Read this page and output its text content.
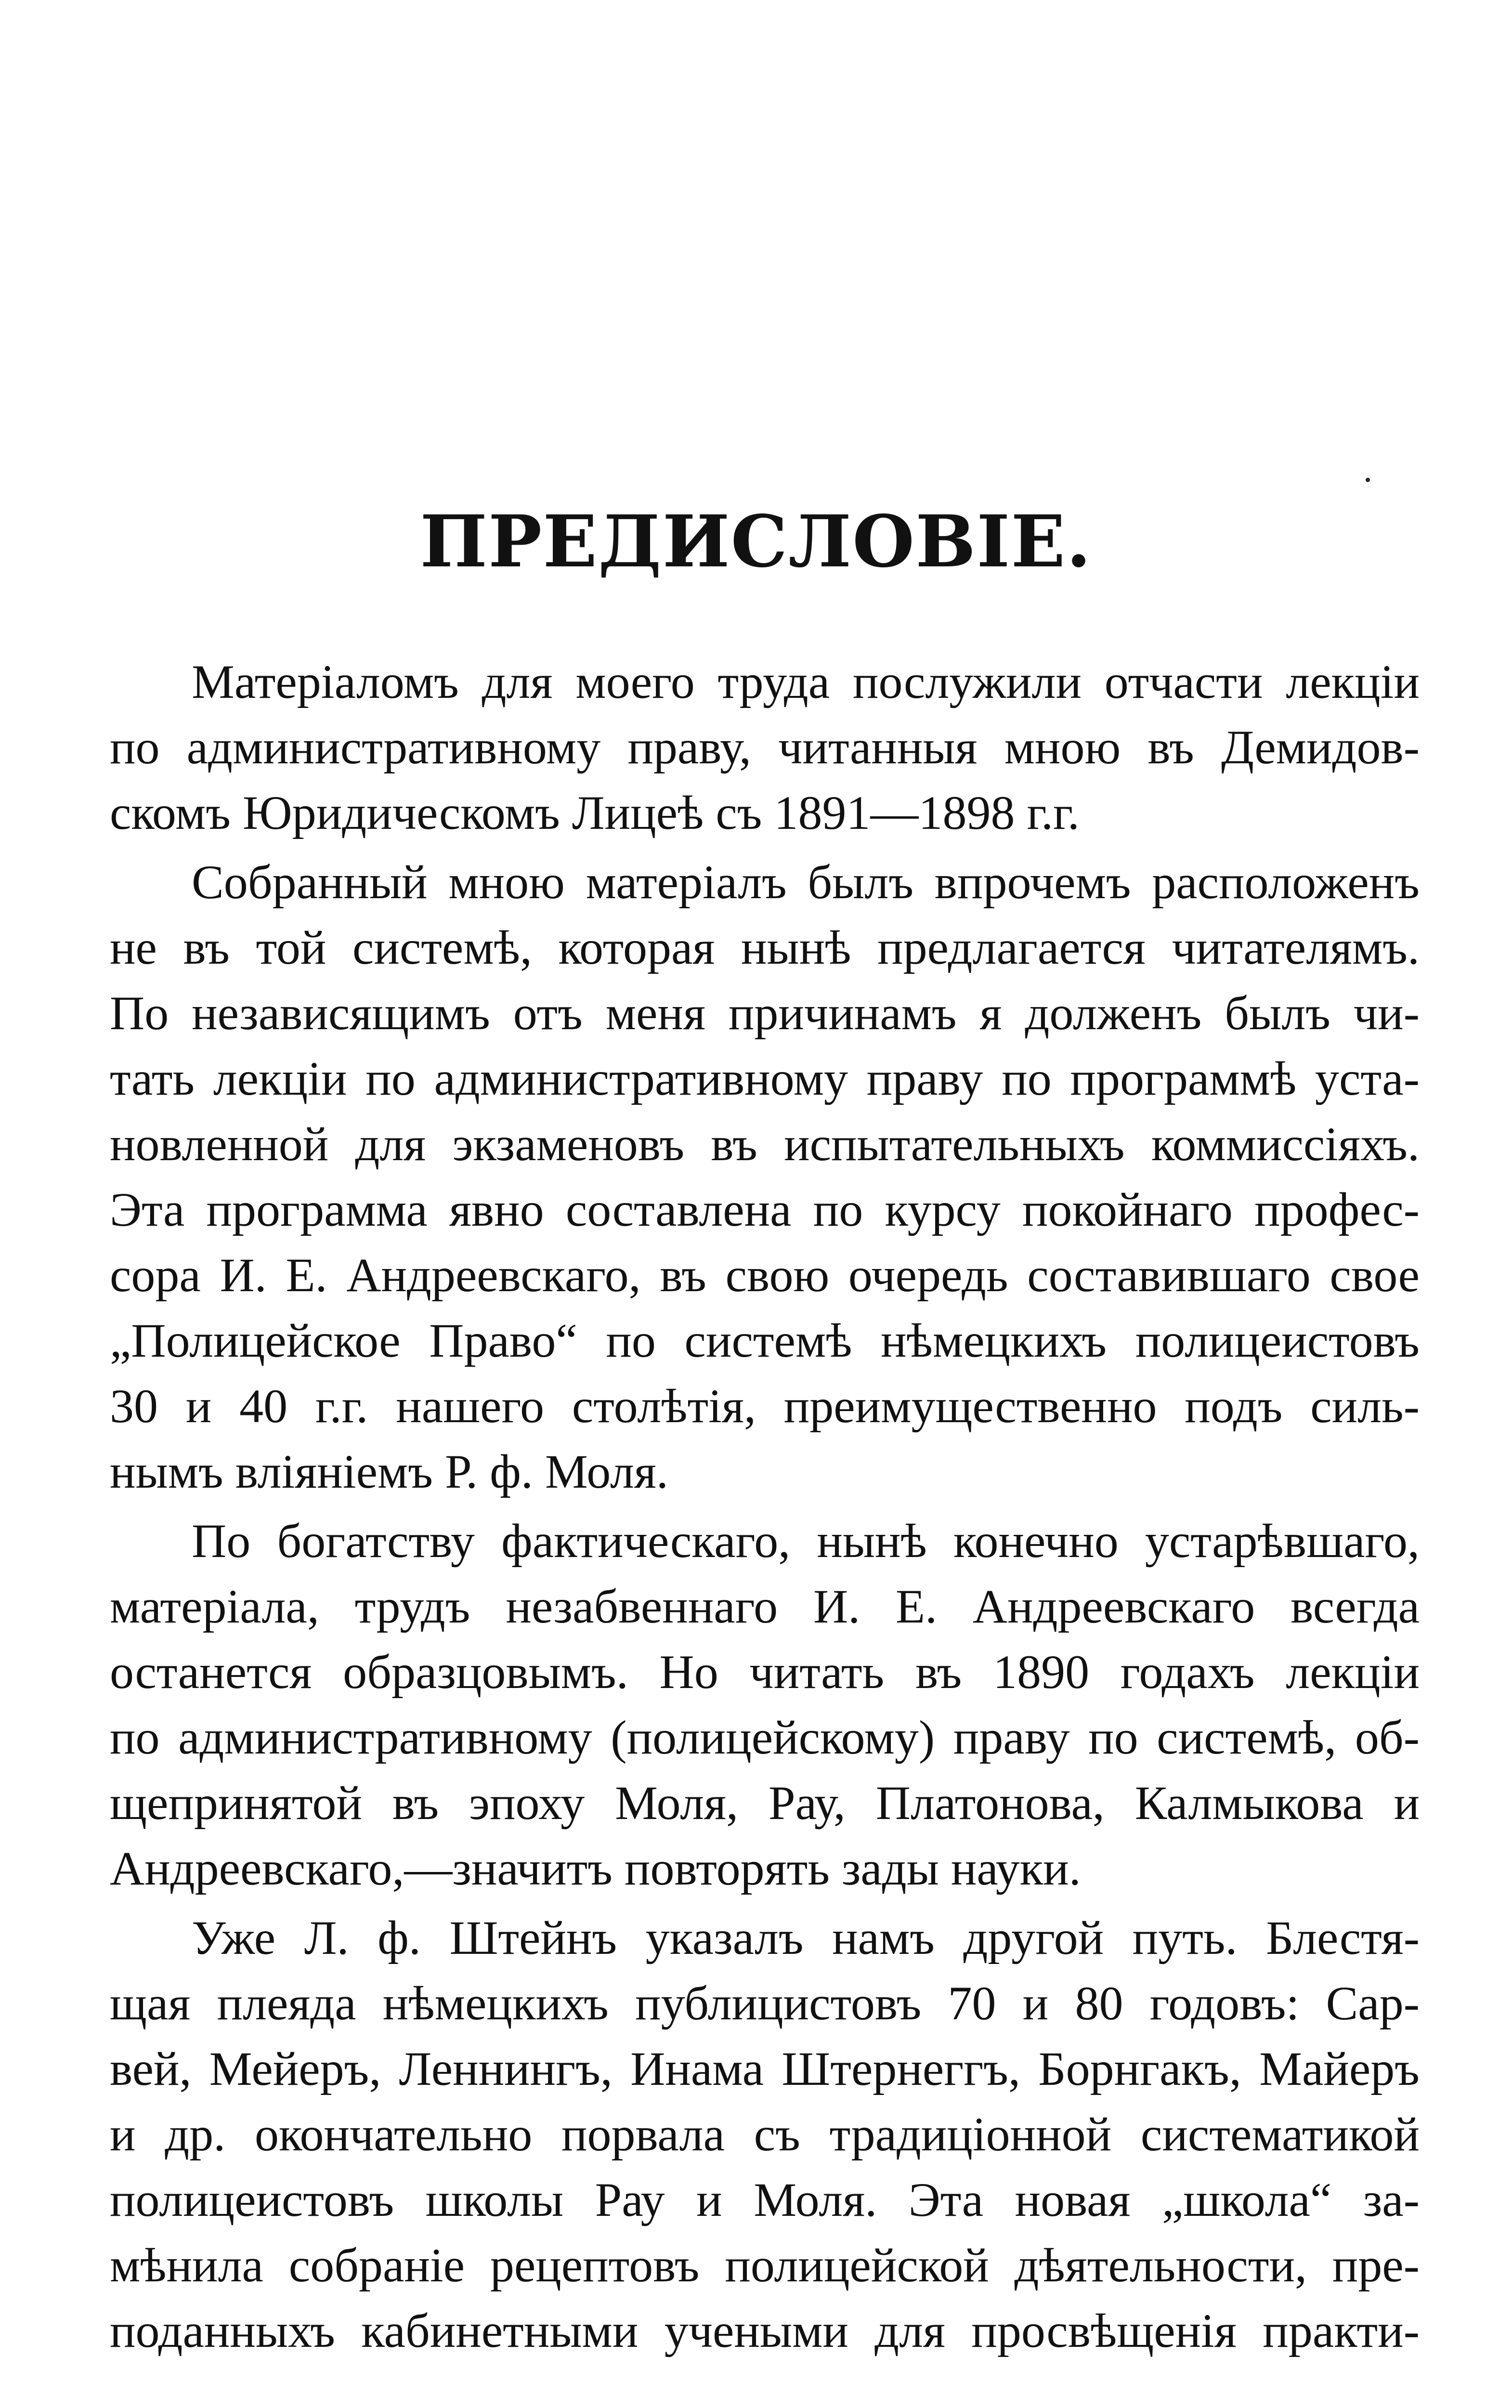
ПРЕДИСЛОВІЕ.
Матеріаломъ для моего труда послужили отчасти лекціи
по административному праву, читанныя мною въ Демидов-
скомъ Юридическомъ Лицеѣ съ 1891—1898 г.г.
Собранный мною матеріалъ былъ впрочемъ расположенъ
не въ той системѣ, которая нынѣ предлагается читателямъ.
По независящимъ отъ меня причинамъ я долженъ былъ чи-
тать лекціи по административному праву по программѣ уста-
новленной для экзаменовъ въ испытательныхъ коммиссіяхъ.
Эта программа явно составлена по курсу покойнаго профес-
сора И. Е. Андреевскаго, въ свою очередь составившаго свое
„Полицейское Право“ по системѣ нѣмецкихъ полицеистовъ
30 и 40 г.г. нашего столѣтія, преимущественно подъ силь-
нымъ вліяніемъ Р. ф. Моля.
По богатству фактическаго, нынѣ конечно устарѣвшаго,
матеріала, трудъ незабвеннаго И. Е. Андреевскаго всегда
останется образцовымъ. Но читать въ 1890 годахъ лекціи
по административному (полицейскому) праву по системѣ, об-
щепринятой въ эпоху Моля, Рау, Платонова, Калмыкова и
Андреевскаго,—значитъ повторять зады науки.
Уже Л. ф. Штейнъ указалъ намъ другой путь. Блестя-
щая плеяда нѣмецкихъ публицистовъ 70 и 80 годовъ: Сар-
вей, Мейеръ, Леннингъ, Инама Штернеггъ, Борнгакъ, Майеръ
и др. окончательно порвала съ традиціонной систематикой
полицеистовъ школы Рау и Моля. Эта новая „школа“ за-
мѣнила собраніе рецептовъ полицейской дѣятельности, пре-
поданныхъ кабинетными учеными для просвѣщенія практи-
